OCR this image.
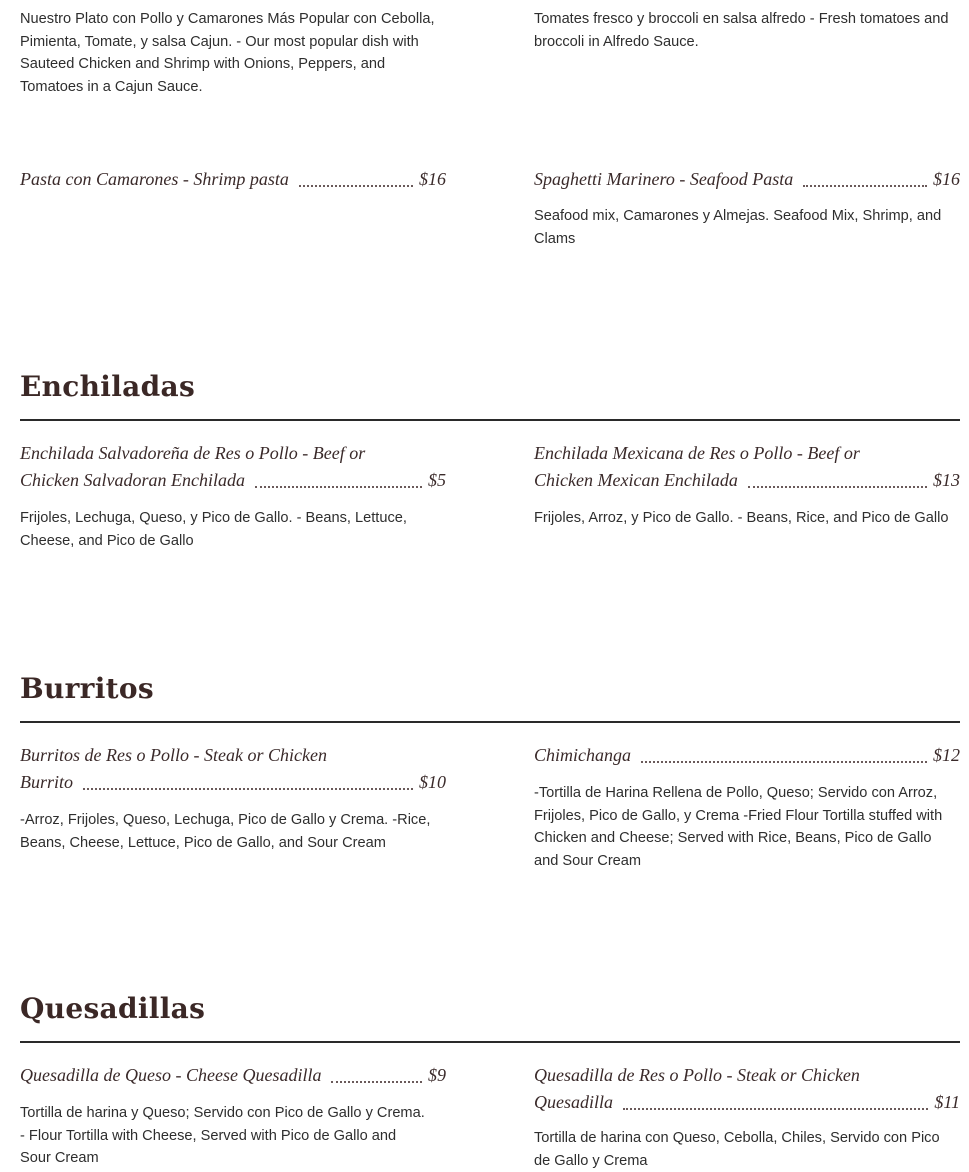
Nuestro Plato con Pollo y Camarones Más Popular con Cebolla, Pimienta, Tomate, y salsa Cajun. - Our most popular dish with Sauteed Chicken and Shrimp with Onions, Peppers, and Tomatoes in a Cajun Sauce.

Tomates fresco y broccoli en salsa alfredo - Fresh tomatoes and broccoli in Alfredo Sauce.

Pasta con Camarones - Shrimp pasta	$16	Spaghetti Marinero - Seafood Pasta	$16

Seafood mix, Camarones y Almejas. Seafood Mix, Shrimp, and Clams

Enchiladas
Enchilada Salvadoreña de Res o Pollo - Beef or
Chicken Salvadoran Enchilada	$5

Frijoles, Lechuga, Queso, y Pico de Gallo. - Beans, Lettuce, Cheese, and Pico de Gallo

Enchilada Mexicana de Res o Pollo - Beef or
Chicken Mexican Enchilada	$13

Frijoles, Arroz, y Pico de Gallo. - Beans, Rice, and Pico de Gallo

Burritos
Burritos de Res o Pollo - Steak or Chicken
Burrito	$10

-Arroz, Frijoles, Queso, Lechuga, Pico de Gallo y Crema. -Rice, Beans, Cheese, Lettuce, Pico de Gallo, and Sour Cream

Chimichanga	$12

-Tortilla de Harina Rellena de Pollo, Queso; Servido con Arroz, Frijoles, Pico de Gallo, y Crema -Fried Flour Tortilla stuffed with Chicken and Cheese; Served with Rice, Beans, Pico de Gallo and Sour Cream

Quesadillas
Quesadilla de Queso - Cheese Quesadilla	$9

Tortilla de harina y Queso; Servido con Pico de Gallo y Crema. - Flour Tortilla with Cheese, Served with Pico de Gallo and Sour Cream

Quesadilla de Res o Pollo - Steak or Chicken
Quesadilla	$11

Tortilla de harina con Queso, Cebolla, Chiles, Servido con Pico de Gallo y Crema
